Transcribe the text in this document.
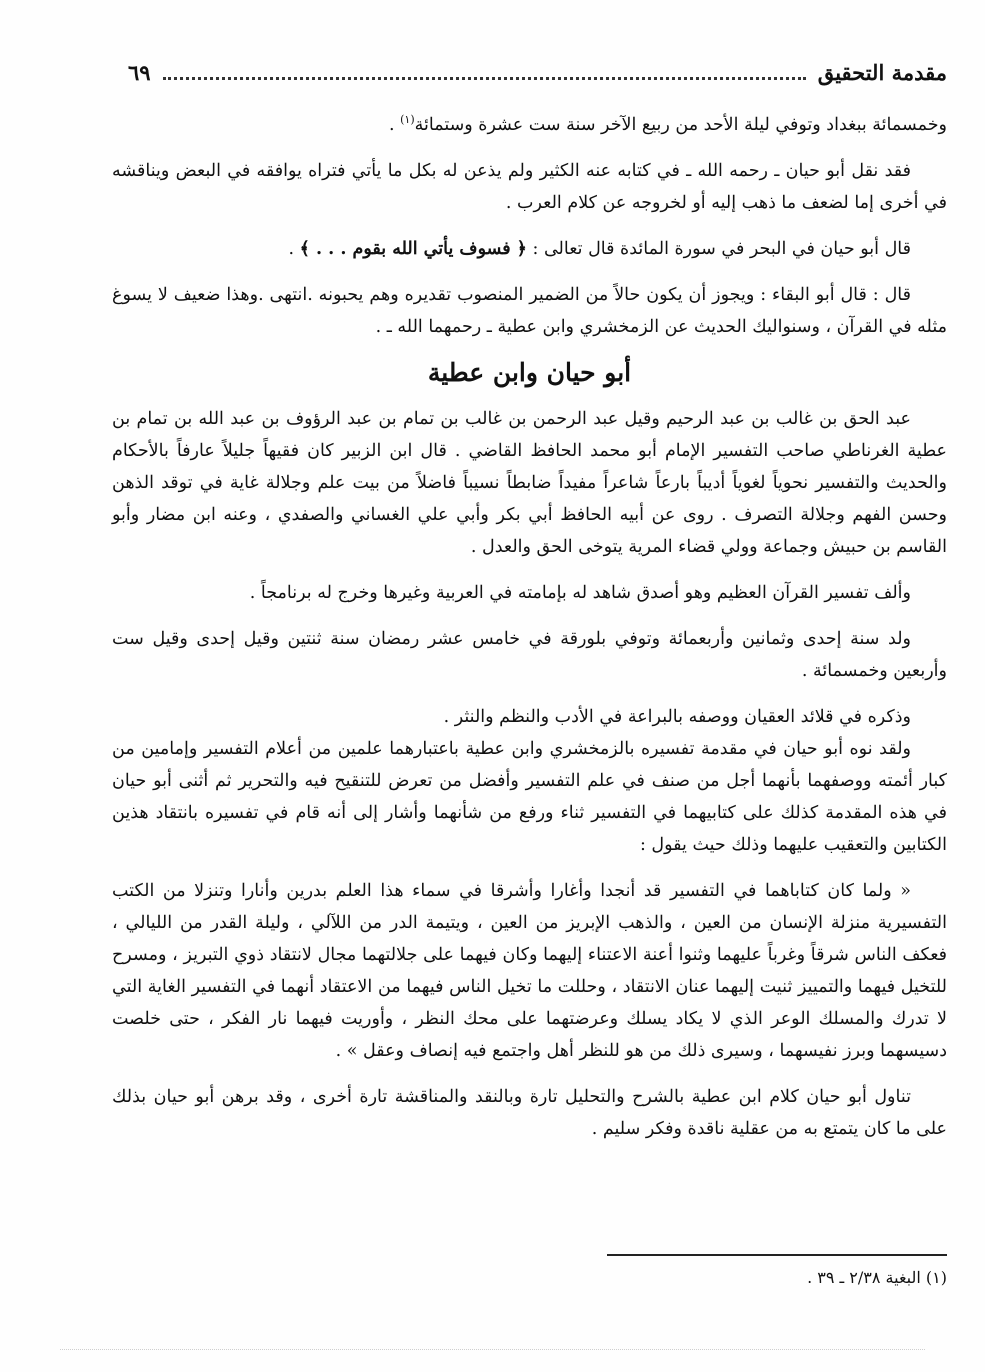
مقدمة التحقيق
٦٩

وخمسمائة ببغداد وتوفي ليلة الأحد من ربيع الآخر سنة ست عشرة وستمائة$^{(١)}$ .

فقد نقل أبو حيان ـ رحمه الله ـ في كتابه عنه الكثير ولم يذعن له بكل ما يأتي فتراه يوافقه في البعض ويناقشه في أخرى إما لضعف ما ذهب إليه أو لخروجه عن كلام العرب .

قال أبو حيان في البحر في سورة المائدة قال تعالى : ﴿ فسوف يأتي الله بقوم . . . ﴾ .

قال : قال أبو البقاء : ويجوز أن يكون حالاً من الضمير المنصوب تقديره وهم يحبونه .انتهى .وهذا ضعيف لا يسوغ مثله في القرآن ، وسنواليك الحديث عن الزمخشري وابن عطية ـ رحمهما الله ـ .

أبو حيان وابن عطية

عبد الحق بن غالب بن عبد الرحيم وقيل عبد الرحمن بن غالب بن تمام بن عبد الرؤوف بن عبد الله بن تمام بن عطية الغرناطي صاحب التفسير الإمام أبو محمد الحافظ القاضي . قال ابن الزبير كان فقيهاً جليلاً عارفاً بالأحكام والحديث والتفسير نحوياً لغوياً أديباً بارعاً شاعراً مفيداً ضابطاً نسيباً فاضلاً من بيت علم وجلالة غاية في توقد الذهن وحسن الفهم وجلالة التصرف . روى عن أبيه الحافظ أبي بكر وأبي علي الغساني والصفدي ، وعنه ابن مضار وأبو القاسم بن حبيش وجماعة وولي قضاء المرية يتوخى الحق والعدل .

وألف تفسير القرآن العظيم وهو أصدق شاهد له بإمامته في العربية وغيرها وخرج له برنامجاً .

ولد سنة إحدى وثمانين وأربعمائة وتوفي بلورقة في خامس عشر رمضان سنة ثنتين وقيل إحدى وقيل ست وأربعين وخمسمائة .

وذكره في قلائد العقيان ووصفه بالبراعة في الأدب والنظم والنثر .

ولقد نوه أبو حيان في مقدمة تفسيره بالزمخشري وابن عطية باعتبارهما علمين من أعلام التفسير وإمامين من كبار أئمته ووصفهما بأنهما أجل من صنف في علم التفسير وأفضل من تعرض للتنقيح فيه والتحرير ثم أثنى أبو حيان في هذه المقدمة كذلك على كتابيهما في التفسير ثناء ورفع من شأنهما وأشار إلى أنه قام في تفسيره بانتقاد هذين الكتابين والتعقيب عليهما وذلك حيث يقول :

« ولما كان كتاباهما في التفسير قد أنجدا وأغارا وأشرقا في سماء هذا العلم بدرين وأنارا وتنزلا من الكتب التفسيرية منزلة الإنسان من العين ، والذهب الإبريز من العين ، ويتيمة الدر من اللآلي ، وليلة القدر من الليالي ، فعكف الناس شرقاً وغرباً عليهما وثنوا أعنة الاعتناء إليهما وكان فيهما على جلالتهما مجال لانتقاد ذوي التبريز ، ومسرح للتخيل فيهما والتمييز ثنيت إليهما عنان الانتقاد ، وحللت ما تخيل الناس فيهما من الاعتقاد أنهما في التفسير الغاية التي لا تدرك والمسلك الوعر الذي لا يكاد يسلك وعرضتهما على محك النظر ، وأوريت فيهما نار الفكر ، حتى خلصت دسيسهما وبرز نفيسهما ، وسيرى ذلك من هو للنظر أهل واجتمع فيه إنصاف وعقل » .

تناول أبو حيان كلام ابن عطية بالشرح والتحليل تارة وبالنقد والمناقشة تارة أخرى ، وقد برهن أبو حيان بذلك على ما كان يتمتع به من عقلية ناقدة وفكر سليم .

(١) البغية ٢/٣٨ ـ ٣٩ .
